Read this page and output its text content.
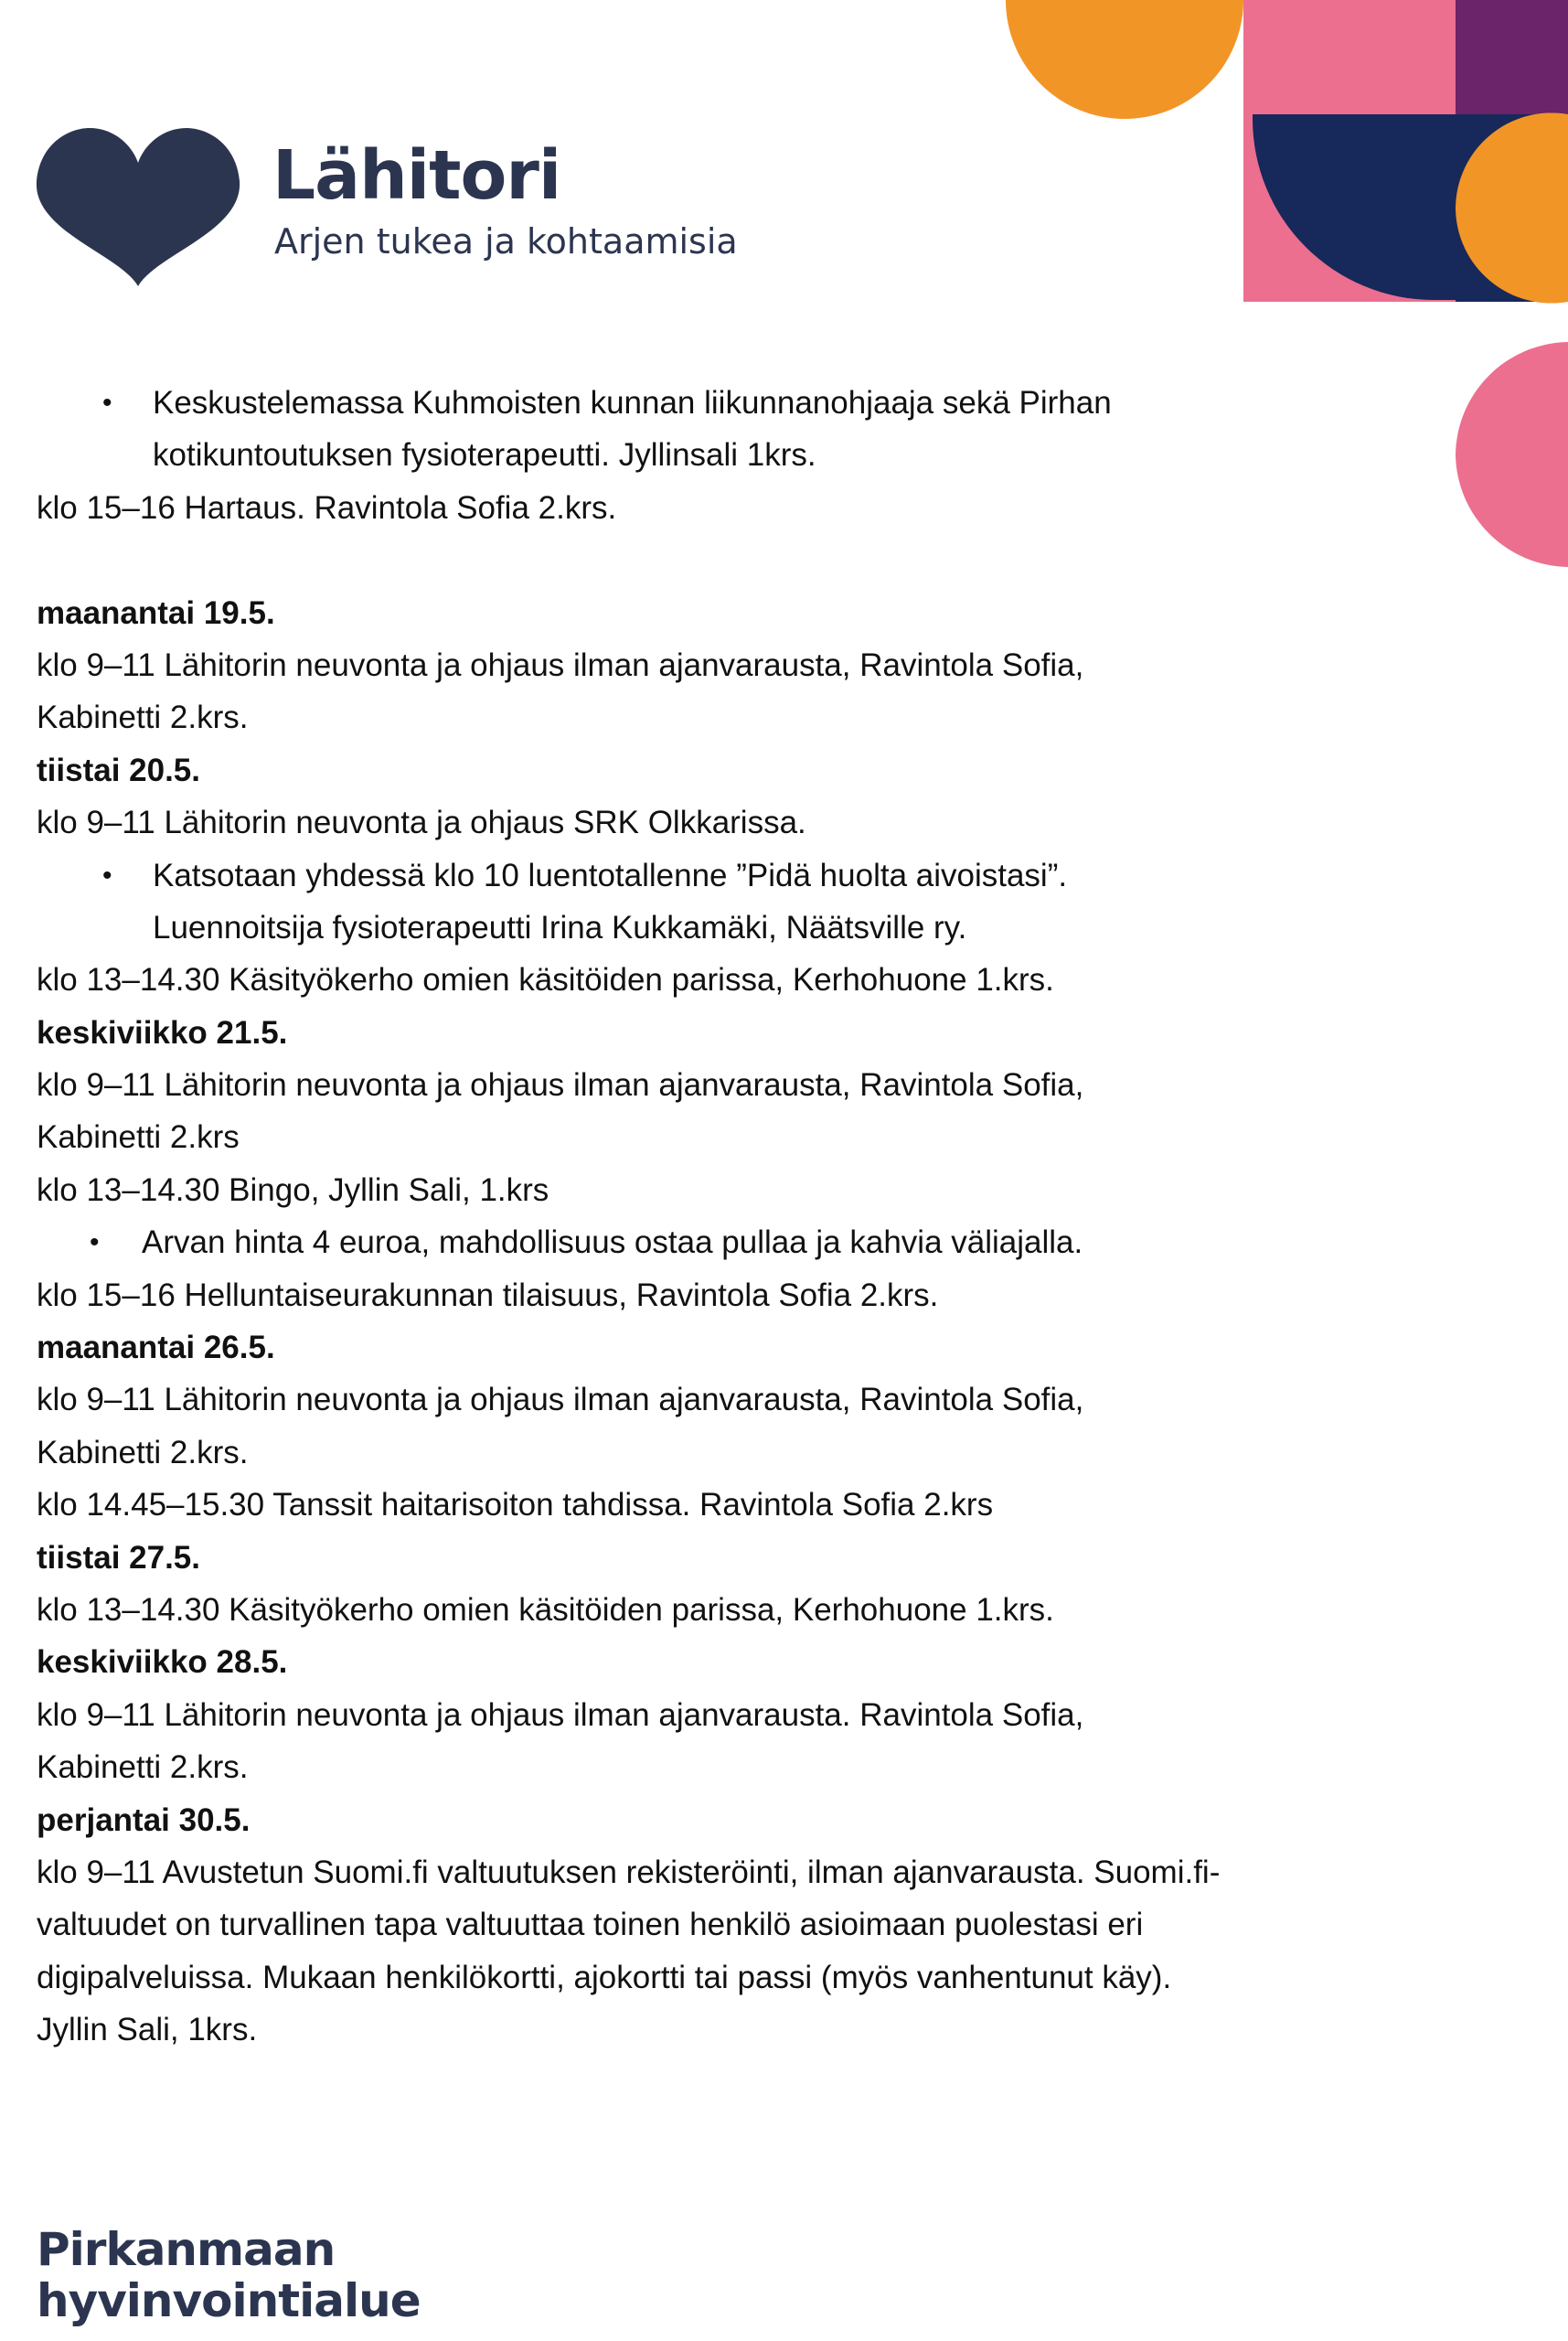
Lähitori

Arjen tukea ja kohtaamisia

• Keskustelemassa Kuhmoisten kunnan liikunnanohjaaja sekä Pirhan
kotikuntoutuksen fysioterapeutti. Jyllinsali 1krs.
klo 15–16 Hartaus. Ravintola Sofia 2.krs.
maanantai 19.5.
klo 9–11 Lähitorin neuvonta ja ohjaus ilman ajanvarausta, Ravintola Sofia,
Kabinetti 2.krs.
tiistai 20.5.
klo 9–11 Lähitorin neuvonta ja ohjaus SRK Olkkarissa.
• Katsotaan yhdessä klo 10 luentotallenne ”Pidä huolta aivoistasi”.
Luennoitsija fysioterapeutti Irina Kukkamäki, Näätsville ry.
klo 13–14.30 Käsityökerho omien käsitöiden parissa, Kerhohuone 1.krs.
keskiviikko 21.5.
klo 9–11 Lähitorin neuvonta ja ohjaus ilman ajanvarausta, Ravintola Sofia,
Kabinetti 2.krs
klo 13–14.30 Bingo, Jyllin Sali, 1.krs
• Arvan hinta 4 euroa, mahdollisuus ostaa pullaa ja kahvia väliajalla.
klo 15–16 Helluntaiseurakunnan tilaisuus, Ravintola Sofia 2.krs.
maanantai 26.5.
klo 9–11 Lähitorin neuvonta ja ohjaus ilman ajanvarausta, Ravintola Sofia,
Kabinetti 2.krs.
klo 14.45–15.30 Tanssit haitarisoiton tahdissa. Ravintola Sofia 2.krs
tiistai 27.5.
klo 13–14.30 Käsityökerho omien käsitöiden parissa, Kerhohuone 1.krs.
keskiviikko 28.5.
klo 9–11 Lähitorin neuvonta ja ohjaus ilman ajanvarausta. Ravintola Sofia,
Kabinetti 2.krs.
perjantai 30.5.
klo 9–11 Avustetun Suomi.fi valtuutuksen rekisteröinti, ilman ajanvarausta. Suomi.fi-
valtuudet on turvallinen tapa valtuuttaa toinen henkilö asioimaan puolestasi eri
digipalveluissa. Mukaan henkilökortti, ajokortti tai passi (myös vanhentunut käy).
Jyllin Sali, 1krs.
Pirkanmaan
hyvinvointialue
